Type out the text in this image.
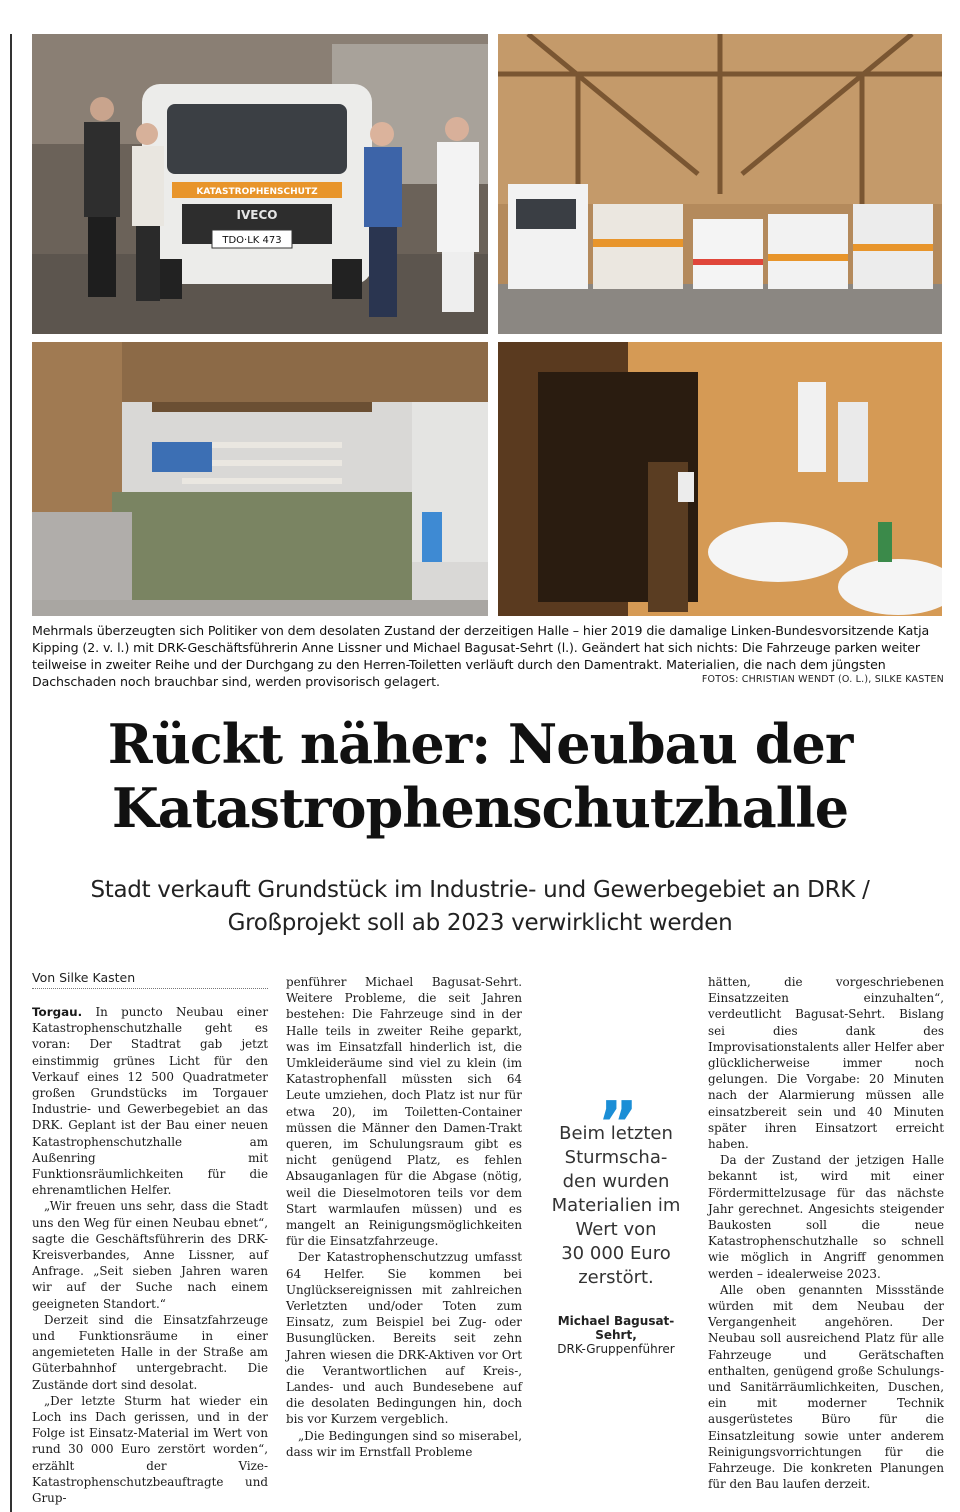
KATASTROPHENSCHUTZ
IVECO
TDO·LK 473
Mehrmals überzeugten sich Politiker von dem desolaten Zustand der derzeitigen Halle – hier 2019 die damalige Linken-Bundesvorsitzende Katja Kipping (2. v. l.) mit DRK-Geschäftsführerin Anne Lissner und Michael Bagusat-Sehrt (l.). Geändert hat sich nichts: Die Fahrzeuge parken weiter teilweise in zweiter Reihe und der Durchgang zu den Herren-Toiletten verläuft durch den Damentrakt. Materialien, die nach dem jüngsten Dachschaden noch brauchbar sind, werden provisorisch gelagert.	FOTOS: CHRISTIAN WENDT (O. L.), SILKE KASTEN
Rückt näher: Neubau der
Katastrophenschutzhalle
Stadt verkauft Grundstück im Industrie- und Gewerbegebiet an DRK /
Großprojekt soll ab 2023 verwirklicht werden
Von Silke Kasten

Torgau. In puncto Neubau einer Katastrophenschutzhalle geht es voran: Der Stadtrat gab jetzt einstimmig grünes Licht für den Verkauf eines 12 500 Quadratmeter großen Grundstücks im Torgauer Industrie- und Gewerbegebiet an das DRK. Geplant ist der Bau einer neuen Katastrophenschutzhalle am Außenring mit Funktionsräumlichkeiten für die ehrenamtlichen Helfer.

„Wir freuen uns sehr, dass die Stadt uns den Weg für einen Neubau ebnet“, sagte die Geschäftsführerin des DRK-Kreisverbandes, Anne Lissner, auf Anfrage. „Seit sieben Jahren waren wir auf der Suche nach einem geeigneten Standort.“

Derzeit sind die Einsatzfahrzeuge und Funktionsräume in einer angemieteten Halle in der Straße am Güterbahnhof untergebracht. Die Zustände dort sind desolat.

„Der letzte Sturm hat wieder ein Loch ins Dach gerissen, und in der Folge ist Einsatz-Material im Wert von rund 30 000 Euro zerstört worden“, erzählt der Vize-Katastrophenschutzbeauftragte und Grup-

penführer Michael Bagusat-Sehrt. Weitere Probleme, die seit Jahren bestehen: Die Fahrzeuge sind in der Halle teils in zweiter Reihe geparkt, was im Einsatzfall hinderlich ist, die Umkleideräume sind viel zu klein (im Katastrophenfall müssten sich 64 Leute umziehen, doch Platz ist nur für etwa 20), im Toiletten-Container müssen die Männer den Damen-Trakt queren, im Schulungsraum gibt es nicht genügend Platz, es fehlen Absauganlagen für die Abgase (nötig, weil die Dieselmotoren teils vor dem Start warmlaufen müssen) und es mangelt an Reinigungsmöglichkeiten für die Einsatzfahrzeuge.

Der Katastrophenschutzzug umfasst 64 Helfer. Sie kommen bei Unglücksereignissen mit zahlreichen Verletzten und/oder Toten zum Einsatz, zum Beispiel bei Zug- oder Busunglücken. Bereits seit zehn Jahren wiesen die DRK-Aktiven vor Ort die Verantwortlichen auf Kreis-, Landes- und auch Bundesebene auf die desolaten Bedingungen hin, doch bis vor Kurzem vergeblich.

„Die Bedingungen sind so miserabel, dass wir im Ernstfall Probleme

„
Beim letzten
Sturmscha-
den wurden
Materialien im
Wert von
30 000 Euro
zerstört.
Michael Bagusat-Sehrt,
DRK-Gruppenführer

hätten, die vorgeschriebenen Einsatzzeiten einzuhalten“, verdeutlicht Bagusat-Sehrt. Bislang sei dies dank des Improvisationstalents aller Helfer aber glücklicherweise immer noch gelungen. Die Vorgabe: 20 Minuten nach der Alarmierung müssen alle einsatzbereit sein und 40 Minuten später ihren Einsatzort erreicht haben.

Da der Zustand der jetzigen Halle bekannt ist, wird mit einer Fördermittelzusage für das nächste Jahr gerechnet. Angesichts steigender Baukosten soll die neue Katastrophenschutzhalle so schnell wie möglich in Angriff genommen werden – idealerweise 2023.

Alle oben genannten Missstände würden mit dem Neubau der Vergangenheit angehören. Der Neubau soll ausreichend Platz für alle Fahrzeuge und Gerätschaften enthalten, genügend große Schulungs- und Sanitärräumlichkeiten, Duschen, ein mit moderner Technik ausgerüstetes Büro für die Einsatzleitung sowie unter anderem Reinigungsvorrichtungen für die Fahrzeuge. Die konkreten Planungen für den Bau laufen derzeit.
